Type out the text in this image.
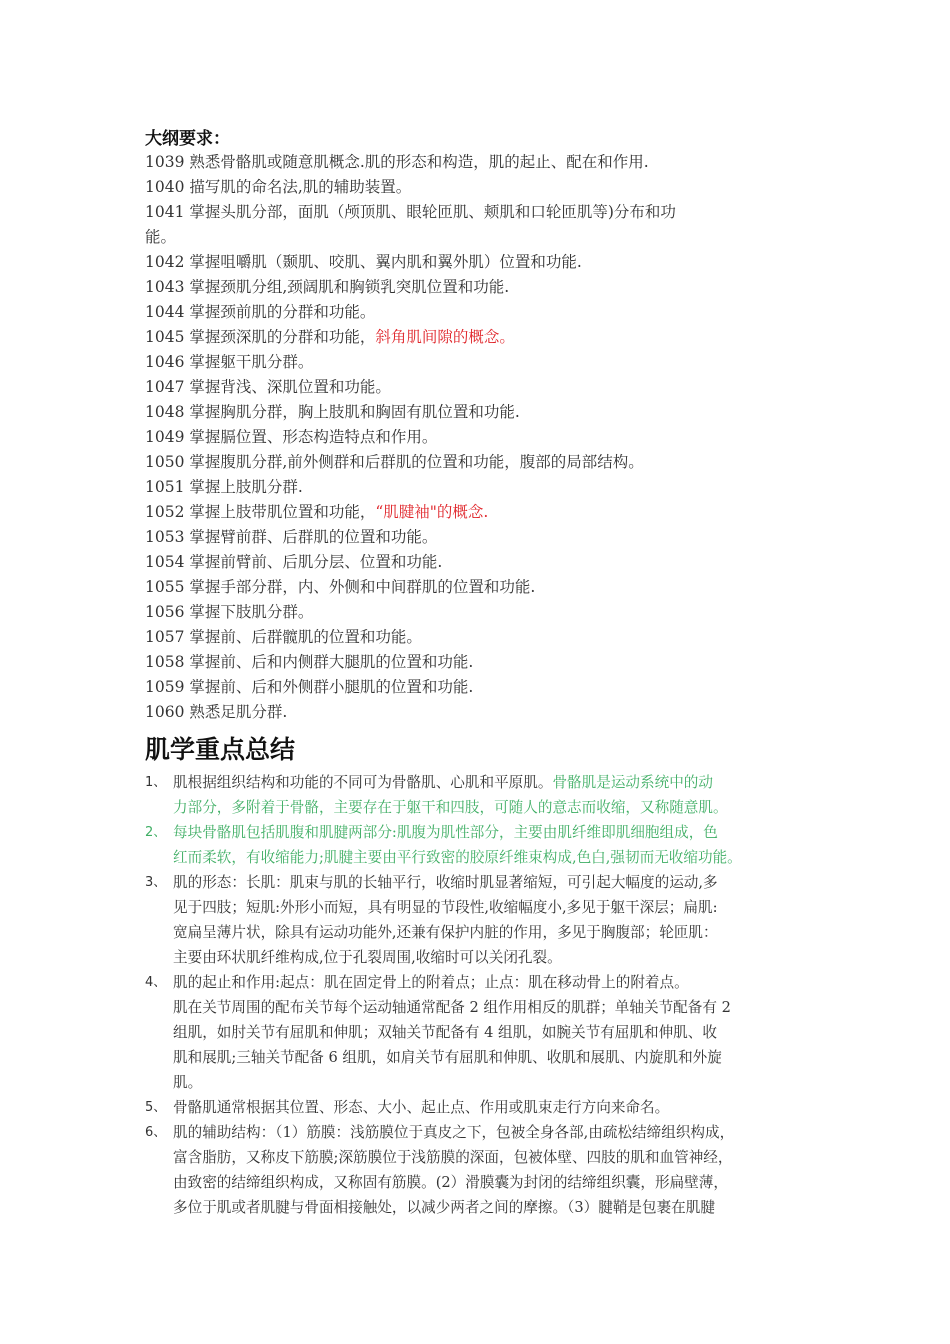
大纲要求：
1039 熟悉骨骼肌或随意肌概念.肌的形态和构造，肌的起止、配在和作用.
1040 描写肌的命名法,肌的辅助装置。
1041 掌握头肌分部，面肌（颅顶肌、眼轮匝肌、颊肌和口轮匝肌等)分布和功
能。
1042 掌握咀嚼肌（颞肌、咬肌、翼内肌和翼外肌）位置和功能.
1043 掌握颈肌分组,颈阔肌和胸锁乳突肌位置和功能.
1044 掌握颈前肌的分群和功能。
1045 掌握颈深肌的分群和功能，斜角肌间隙的概念。
1046 掌握躯干肌分群。
1047 掌握背浅、深肌位置和功能。
1048 掌握胸肌分群，胸上肢肌和胸固有肌位置和功能.
1049 掌握膈位置、形态构造特点和作用。
1050 掌握腹肌分群,前外侧群和后群肌的位置和功能，腹部的局部结构。
1051 掌握上肢肌分群.
1052 掌握上肢带肌位置和功能，“肌腱袖"的概念.
1053 掌握臂前群、后群肌的位置和功能。
1054 掌握前臂前、后肌分层、位置和功能.
1055 掌握手部分群，内、外侧和中间群肌的位置和功能.
1056 掌握下肢肌分群。
1057 掌握前、后群髋肌的位置和功能。
1058 掌握前、后和内侧群大腿肌的位置和功能.
1059 掌握前、后和外侧群小腿肌的位置和功能.
1060 熟悉足肌分群.
肌学重点总结
1、 肌根据组织结构和功能的不同可为骨骼肌、心肌和平原肌。骨骼肌是运动系统中的动
力部分，多附着于骨骼，主要存在于躯干和四肢，可随人的意志而收缩，又称随意肌。
2、 每块骨骼肌包括肌腹和肌腱两部分:肌腹为肌性部分，主要由肌纤维即肌细胞组成，色
红而柔软，有收缩能力;肌腱主要由平行致密的胶原纤维束构成,色白,强韧而无收缩功能。
3、 肌的形态：长肌：肌束与肌的长轴平行，收缩时肌显著缩短，可引起大幅度的运动,多
见于四肢；短肌:外形小而短，具有明显的节段性,收缩幅度小,多见于躯干深层；扁肌:
宽扁呈薄片状，除具有运动功能外,还兼有保护内脏的作用，多见于胸腹部；轮匝肌：
主要由环状肌纤维构成,位于孔裂周围,收缩时可以关闭孔裂。
4、 肌的起止和作用:起点：肌在固定骨上的附着点；止点：肌在移动骨上的附着点。
肌在关节周围的配布关节每个运动轴通常配备 2 组作用相反的肌群；单轴关节配备有 2
组肌，如肘关节有屈肌和伸肌；双轴关节配备有 4 组肌，如腕关节有屈肌和伸肌、收
肌和展肌;三轴关节配备 6 组肌，如肩关节有屈肌和伸肌、收肌和展肌、内旋肌和外旋
肌。
5、 骨骼肌通常根据其位置、形态、大小、起止点、作用或肌束走行方向来命名。
6、 肌的辅助结构：（1）筋膜：浅筋膜位于真皮之下，包被全身各部,由疏松结缔组织构成，
富含脂肪，又称皮下筋膜;深筋膜位于浅筋膜的深面，包被体壁、四肢的肌和血管神经，
由致密的结缔组织构成，又称固有筋膜。(2）滑膜囊为封闭的结缔组织囊，形扁壁薄，
多位于肌或者肌腱与骨面相接触处，以减少两者之间的摩擦。（3）腱鞘是包裹在肌腱
